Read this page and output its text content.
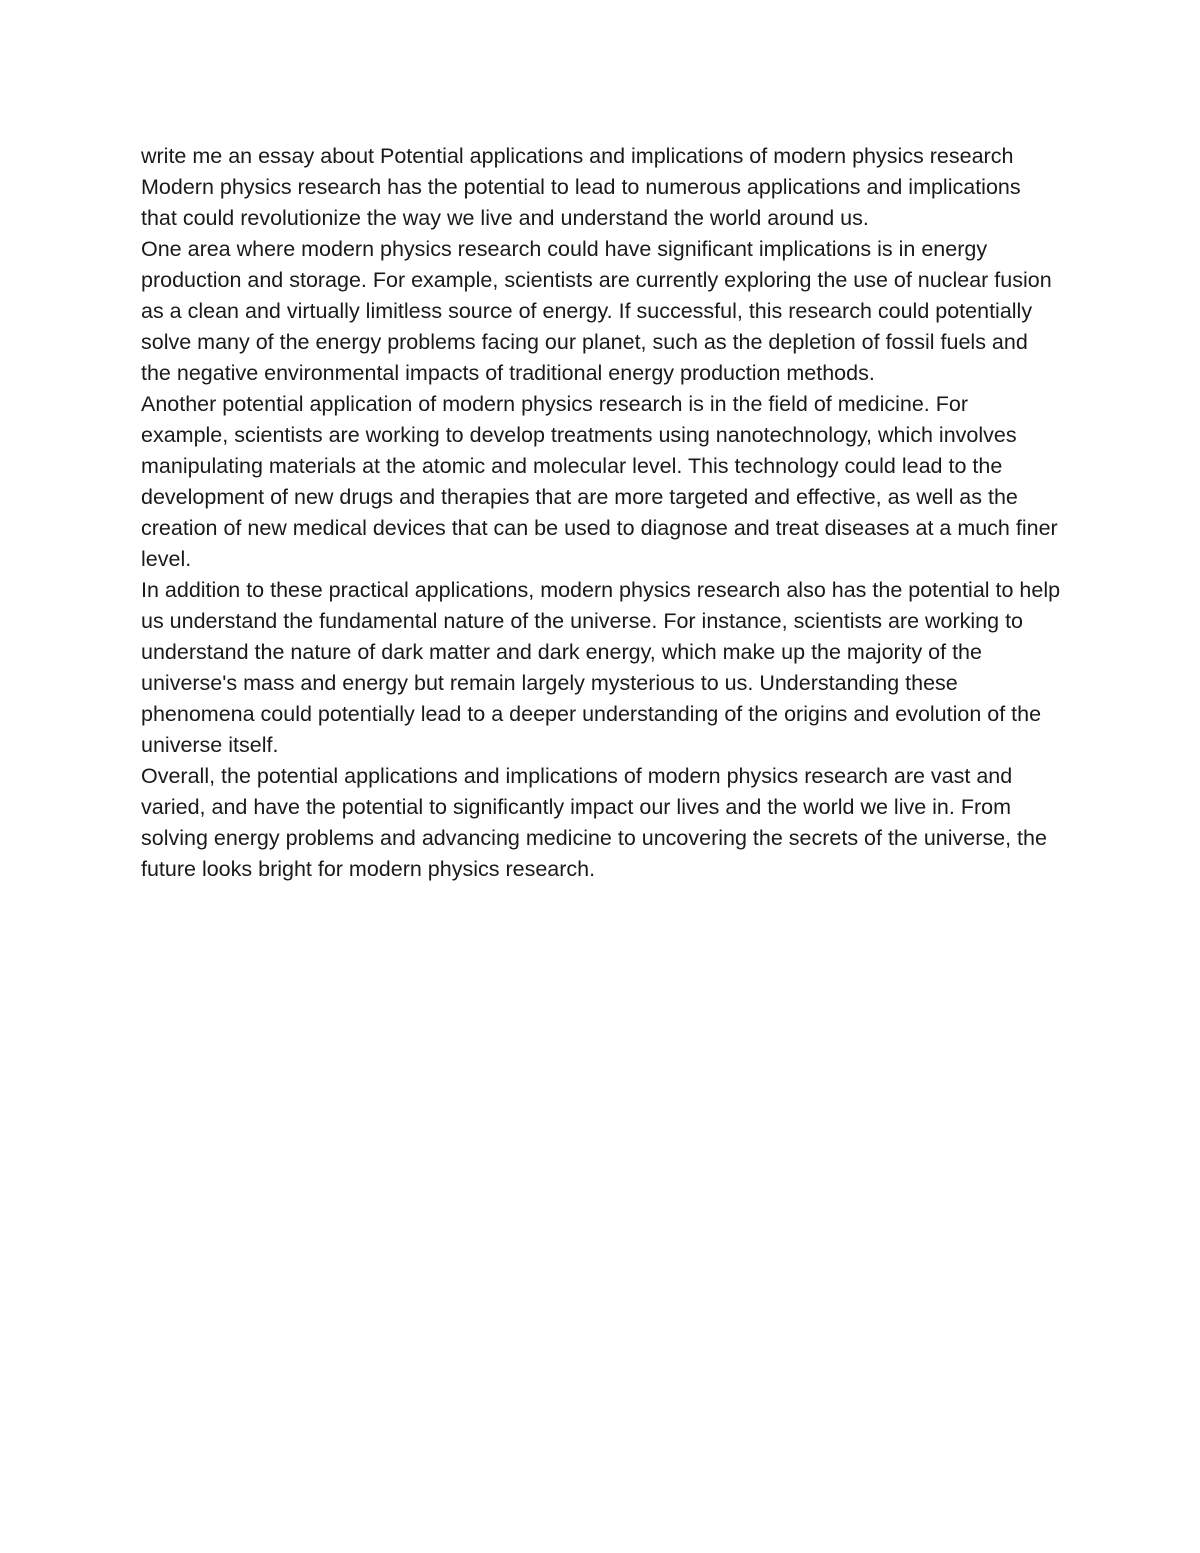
write me an essay about Potential applications and implications of modern physics research

Modern physics research has the potential to lead to numerous applications and implications that could revolutionize the way we live and understand the world around us.

One area where modern physics research could have significant implications is in energy production and storage. For example, scientists are currently exploring the use of nuclear fusion as a clean and virtually limitless source of energy. If successful, this research could potentially solve many of the energy problems facing our planet, such as the depletion of fossil fuels and the negative environmental impacts of traditional energy production methods.

Another potential application of modern physics research is in the field of medicine. For example, scientists are working to develop treatments using nanotechnology, which involves manipulating materials at the atomic and molecular level. This technology could lead to the development of new drugs and therapies that are more targeted and effective, as well as the creation of new medical devices that can be used to diagnose and treat diseases at a much finer level.

In addition to these practical applications, modern physics research also has the potential to help us understand the fundamental nature of the universe. For instance, scientists are working to understand the nature of dark matter and dark energy, which make up the majority of the universe's mass and energy but remain largely mysterious to us. Understanding these phenomena could potentially lead to a deeper understanding of the origins and evolution of the universe itself.

Overall, the potential applications and implications of modern physics research are vast and varied, and have the potential to significantly impact our lives and the world we live in. From solving energy problems and advancing medicine to uncovering the secrets of the universe, the future looks bright for modern physics research.
